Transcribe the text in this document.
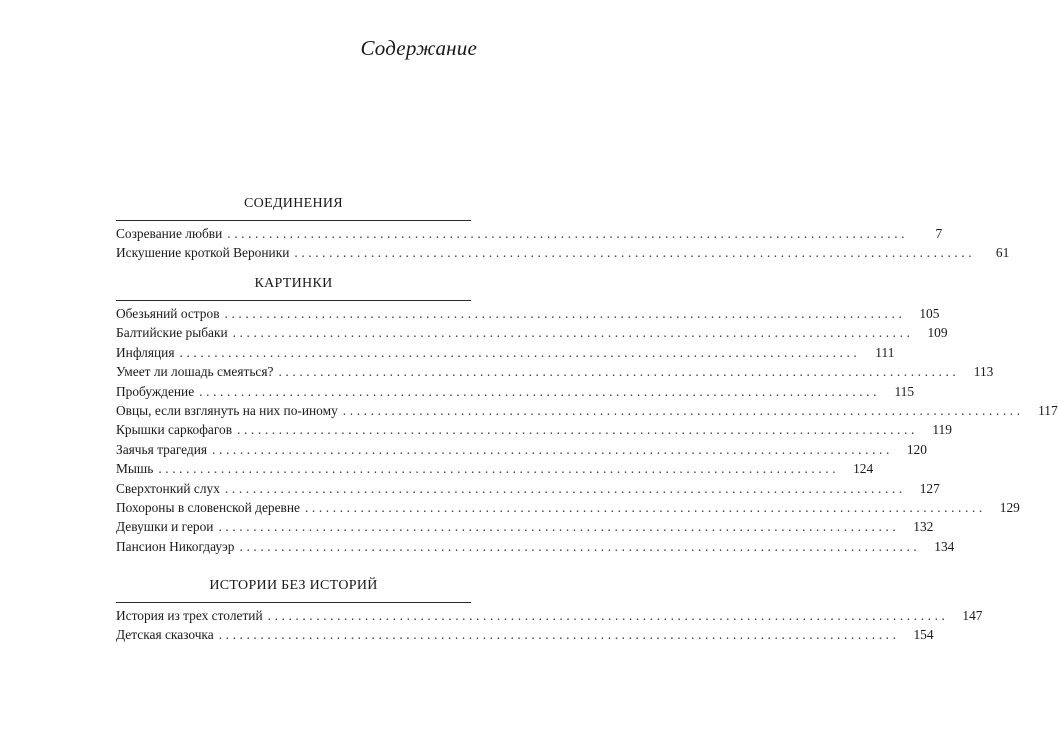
Содержание
СОЕДИНЕНИЯ
Созревание любви ..................................................................................................	7
Искушение кроткой Вероники ..................................................................................................	61
КАРТИНКИ
Обезьяний остров ..................................................................................................	105
Балтийские рыбаки ..................................................................................................	109
Инфляция ..................................................................................................	111
Умеет ли лошадь смеяться? ..................................................................................................	113
Пробуждение ..................................................................................................	115
Овцы, если взглянуть на них по-иному ..................................................................................................	117
Крышки саркофагов ..................................................................................................	119
Заячья трагедия ..................................................................................................	120
Мышь ..................................................................................................	124
Сверхтонкий слух ..................................................................................................	127
Похороны в словенской деревне ..................................................................................................	129
Девушки и герои ..................................................................................................	132
Пансион Никогдауэр ..................................................................................................	134
ИСТОРИИ БЕЗ ИСТОРИЙ
История из трех столетий ..................................................................................................	147
Детская сказочка ..................................................................................................	154
